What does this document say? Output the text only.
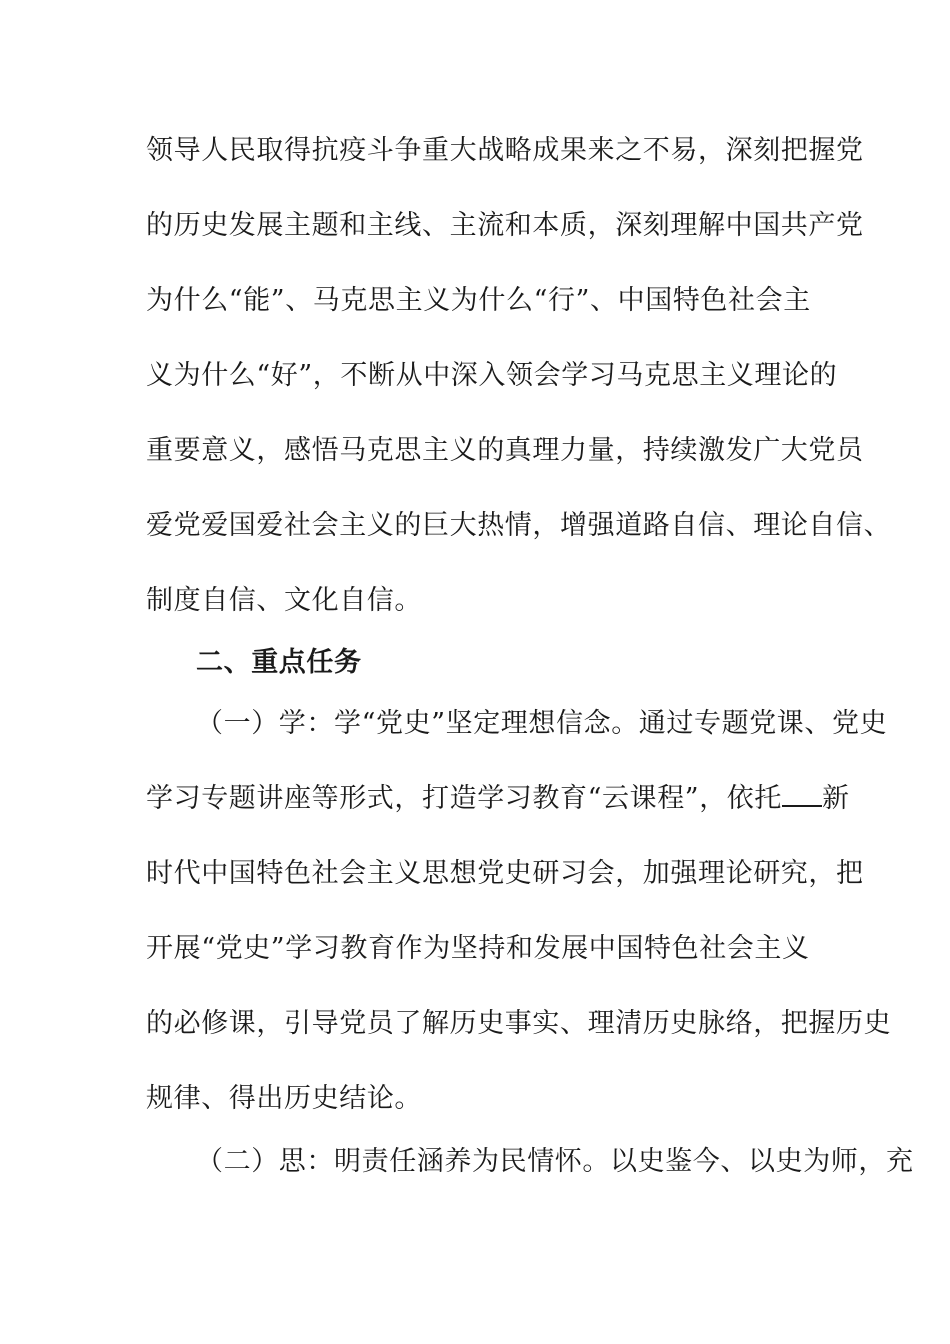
领导人民取得抗疫斗争重大战略成果来之不易，深刻把握党
的历史发展主题和主线、主流和本质，深刻理解中国共产党
为什么“能”、马克思主义为什么“行”、中国特色社会主
义为什么“好”，不断从中深入领会学习马克思主义理论的
重要意义，感悟马克思主义的真理力量，持续激发广大党员
爱党爱国爱社会主义的巨大热情，增强道路自信、理论自信、
制度自信、文化自信。
二、重点任务
（一）学：学“党史”坚定理想信念。通过专题党课、党史
学习专题讲座等形式，打造学习教育“云课程”，依托 新
时代中国特色社会主义思想党史研习会，加强理论研究，把
开展“党史”学习教育作为坚持和发展中国特色社会主义
的必修课，引导党员了解历史事实、理清历史脉络，把握历史
规律、得出历史结论。
（二）思：明责任涵养为民情怀。以史鉴今、以史为师，充
